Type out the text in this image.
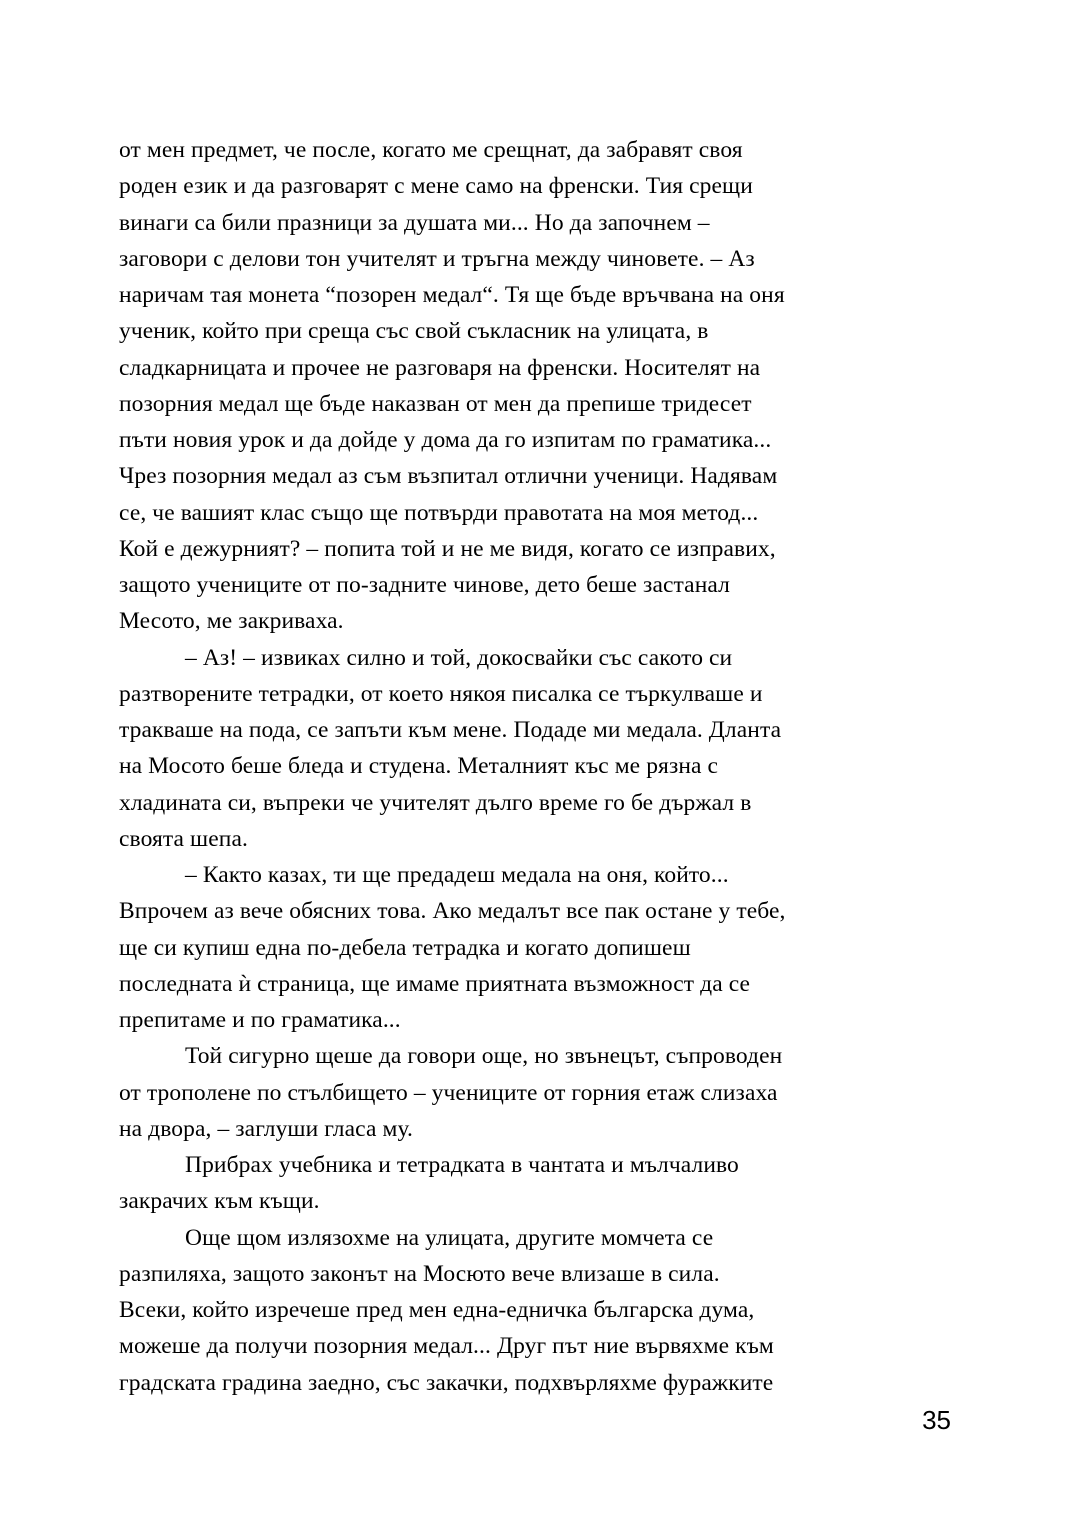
от мен предмет, че после, когато ме срещнат, да забравят своя
роден език и да разговарят с мене само на френски. Тия срещи
винаги са били празници за душата ми... Но да започнем –
заговори с делови тон учителят и тръгна между чиновете. – Аз
наричам тая монета “позорен медал“. Тя ще бъде връчвана на оня
ученик, който при среща със свой съкласник на улицата, в
сладкарницата и прочее не разговаря на френски. Носителят на
позорния медал ще бъде наказван от мен да препише тридесет
пъти новия урок и да дойде у дома да го изпитам по граматика...
Чрез позорния медал аз съм възпитал отлични ученици. Надявам
се, че вашият клас също ще потвърди правотата на моя метод...
Кой е дежурният? – попита той и не ме видя, когато се изправих,
защото учениците от по-задните чинове, дето беше застанал
Месото, ме закриваха.
– Аз! – извиках силно и той, докосвайки със сакото си
разтворените тетрадки, от което някоя писалка се търкулваше и
тракваше на пода, се запъти към мене. Подаде ми медала. Дланта
на Мосото беше бледа и студена. Металният къс ме рязна с
хладината си, въпреки че учителят дълго време го бе държал в
своята шепа.
– Както казах, ти ще предадеш медала на оня, който...
Впрочем аз вече обясних това. Ако медалът все пак остане у тебе,
ще си купиш една по-дебела тетрадка и когато допишеш
последната ѝ страница, ще имаме приятната възможност да се
препитаме и по граматика...
Той сигурно щеше да говори още, но звънецът, съпроводен
от трополене по стълбището – учениците от горния етаж слизаха
на двора, – заглуши гласа му.
Прибрах учебника и тетрадката в чантата и мълчаливо
закрачих към къщи.
Още щом излязохме на улицата, другите момчета се
разпиляха, защото законът на Мосюто вече влизаше в сила.
Всеки, който изречеше пред мен една-едничка българска дума,
можеше да получи позорния медал... Друг път ние вървяхме към
градската градина заедно, със закачки, подхвърляхме фуражките
35
